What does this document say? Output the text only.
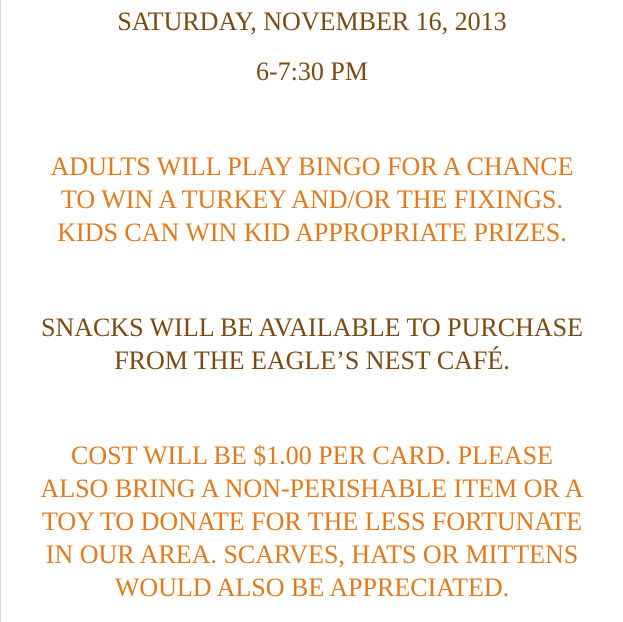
SATURDAY, NOVEMBER 16, 2013
6-7:30 PM
ADULTS WILL PLAY BINGO FOR A CHANCE
TO WIN A TURKEY AND/OR THE FIXINGS.
KIDS CAN WIN KID APPROPRIATE PRIZES.
SNACKS WILL BE AVAILABLE TO PURCHASE
FROM THE EAGLE’S NEST CAFÉ.
COST WILL BE $1.00 PER CARD. PLEASE
ALSO BRING A NON-PERISHABLE ITEM OR A
TOY TO DONATE FOR THE LESS FORTUNATE
IN OUR AREA. SCARVES, HATS OR MITTENS
WOULD ALSO BE APPRECIATED.
